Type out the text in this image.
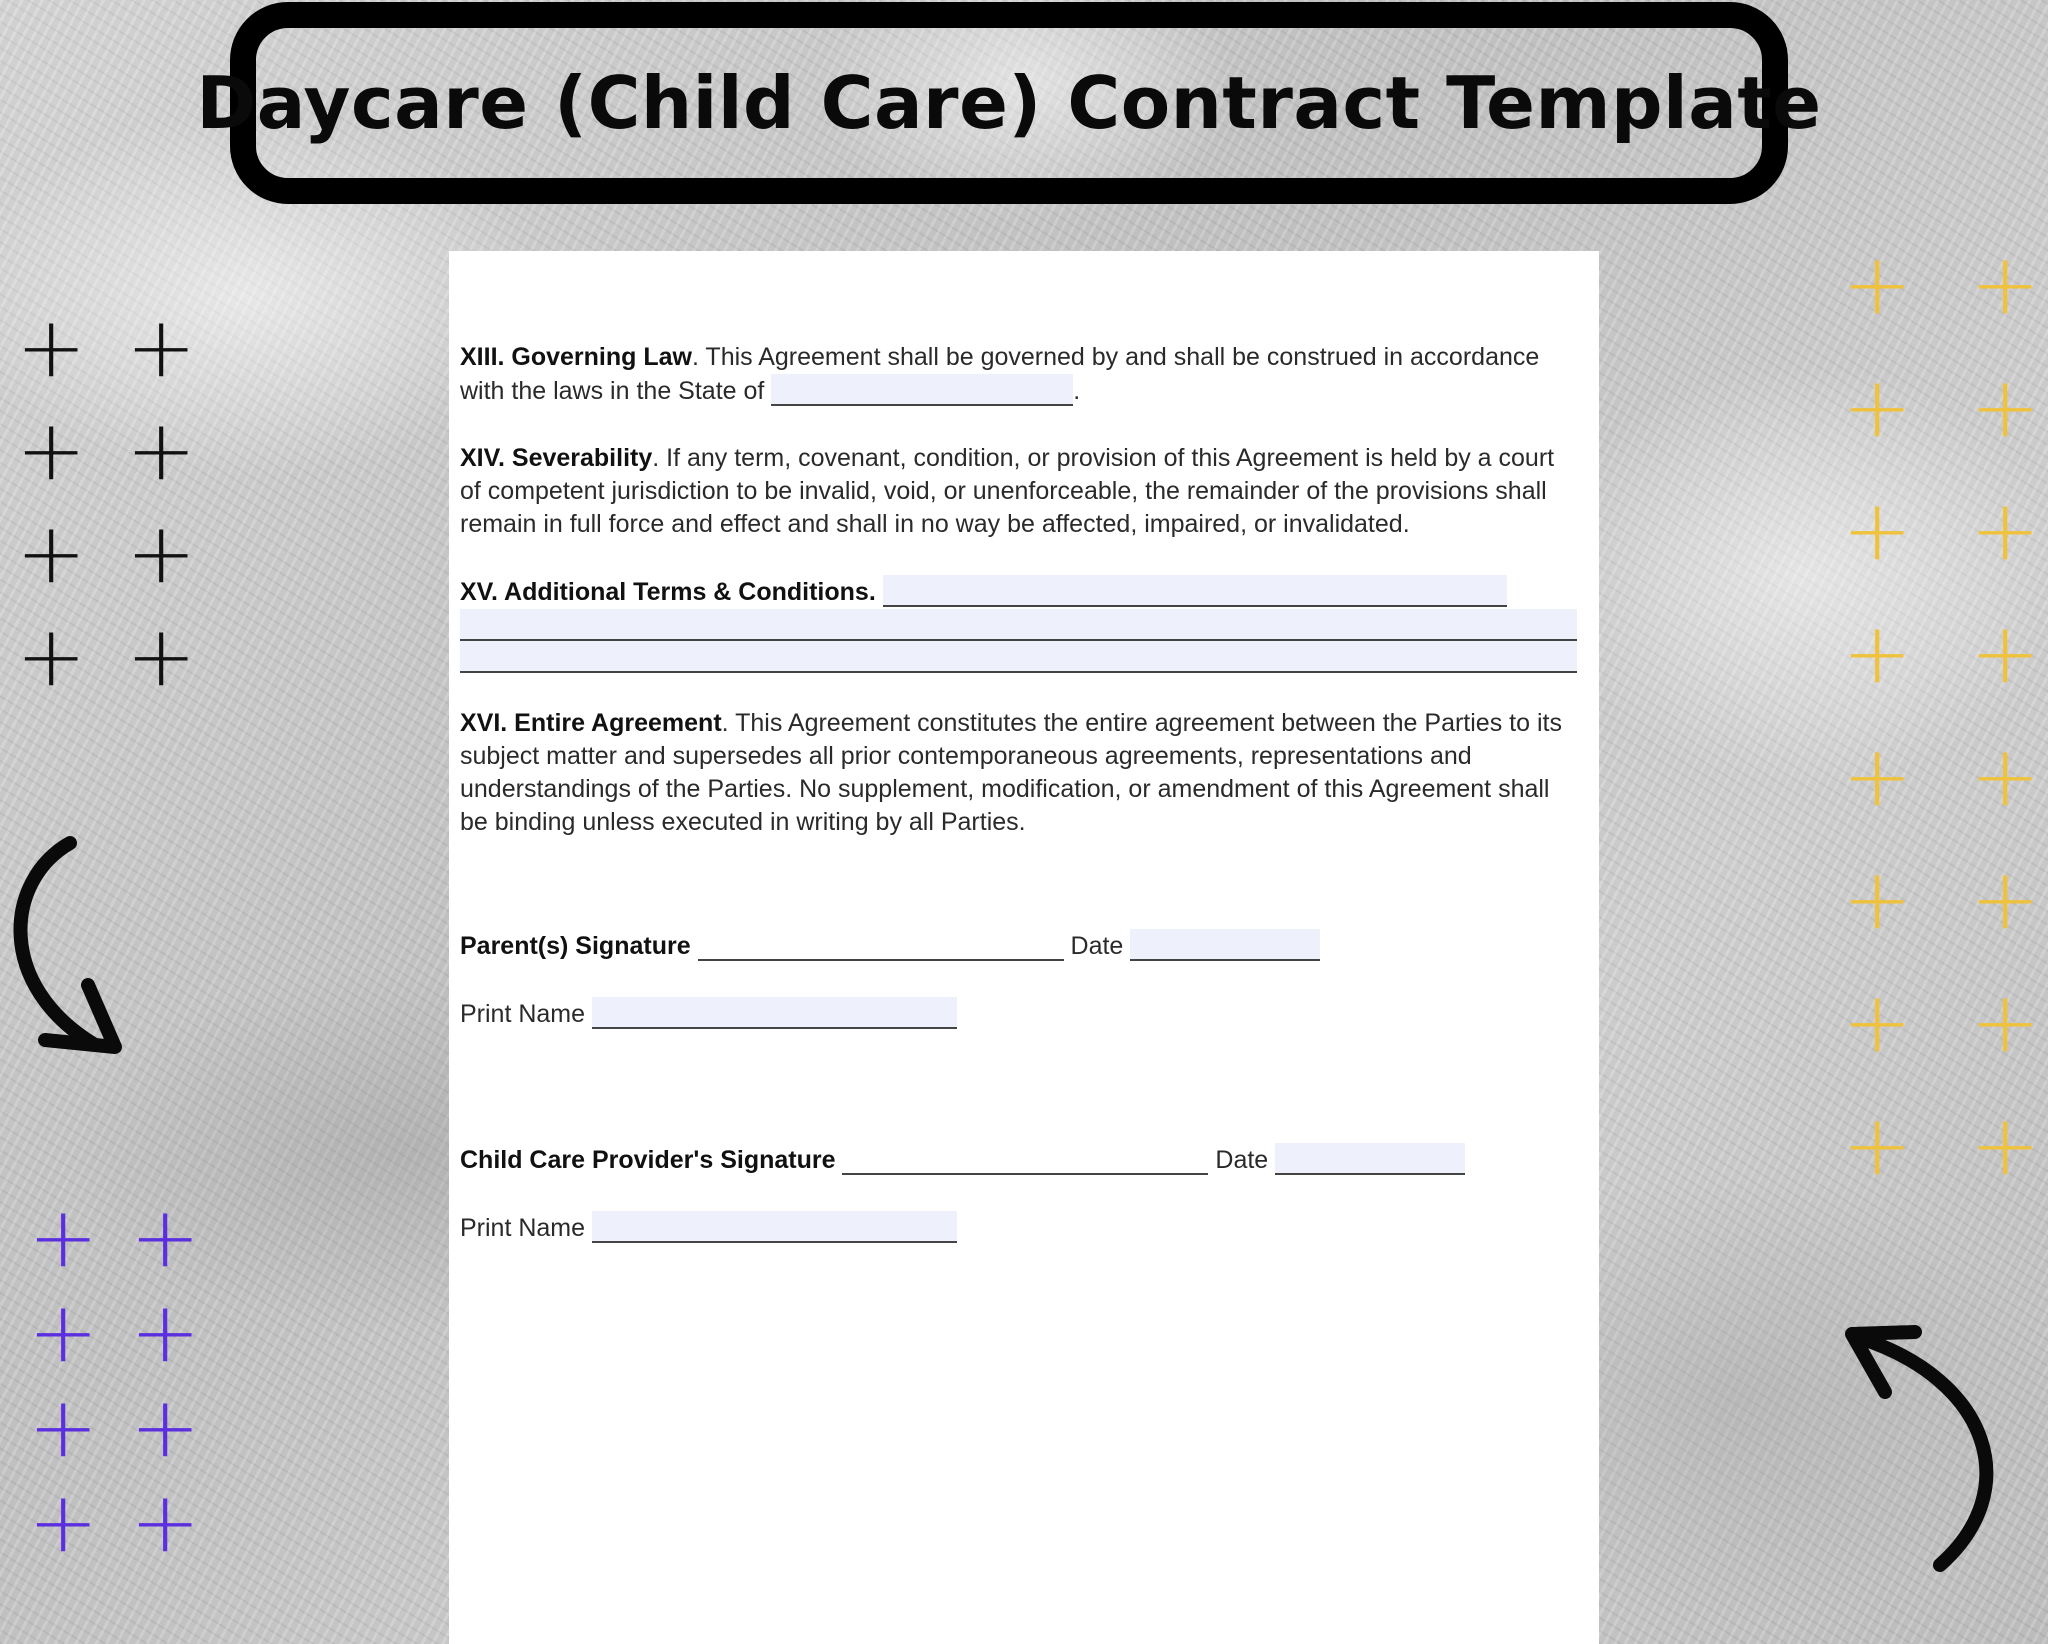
Daycare (Child Care) Contract Template

XIII. Governing Law. This Agreement shall be governed by and shall be construed in accordance with the laws in the State of	.

XIV. Severability. If any term, covenant, condition, or provision of this Agreement is held by a court of competent jurisdiction to be invalid, void, or unenforceable, the remainder of the provisions shall remain in full force and effect and shall in no way be affected, impaired, or invalidated.

XV. Additional Terms & Conditions.

XVI. Entire Agreement. This Agreement constitutes the entire agreement between the Parties to its subject matter and supersedes all prior contemporaneous agreements, representations and understandings of the Parties. No supplement, modification, or amendment of this Agreement shall be binding unless executed in writing by all Parties.

Parent(s) Signature	Date

Print Name

Child Care Provider's Signature	Date

Print Name

+ +
+ +
+ +
+ +
+ +
+ +
+ +
+ +
+ +
+ +
+ +
+ +
+ +
+ +
+ +
+ +
